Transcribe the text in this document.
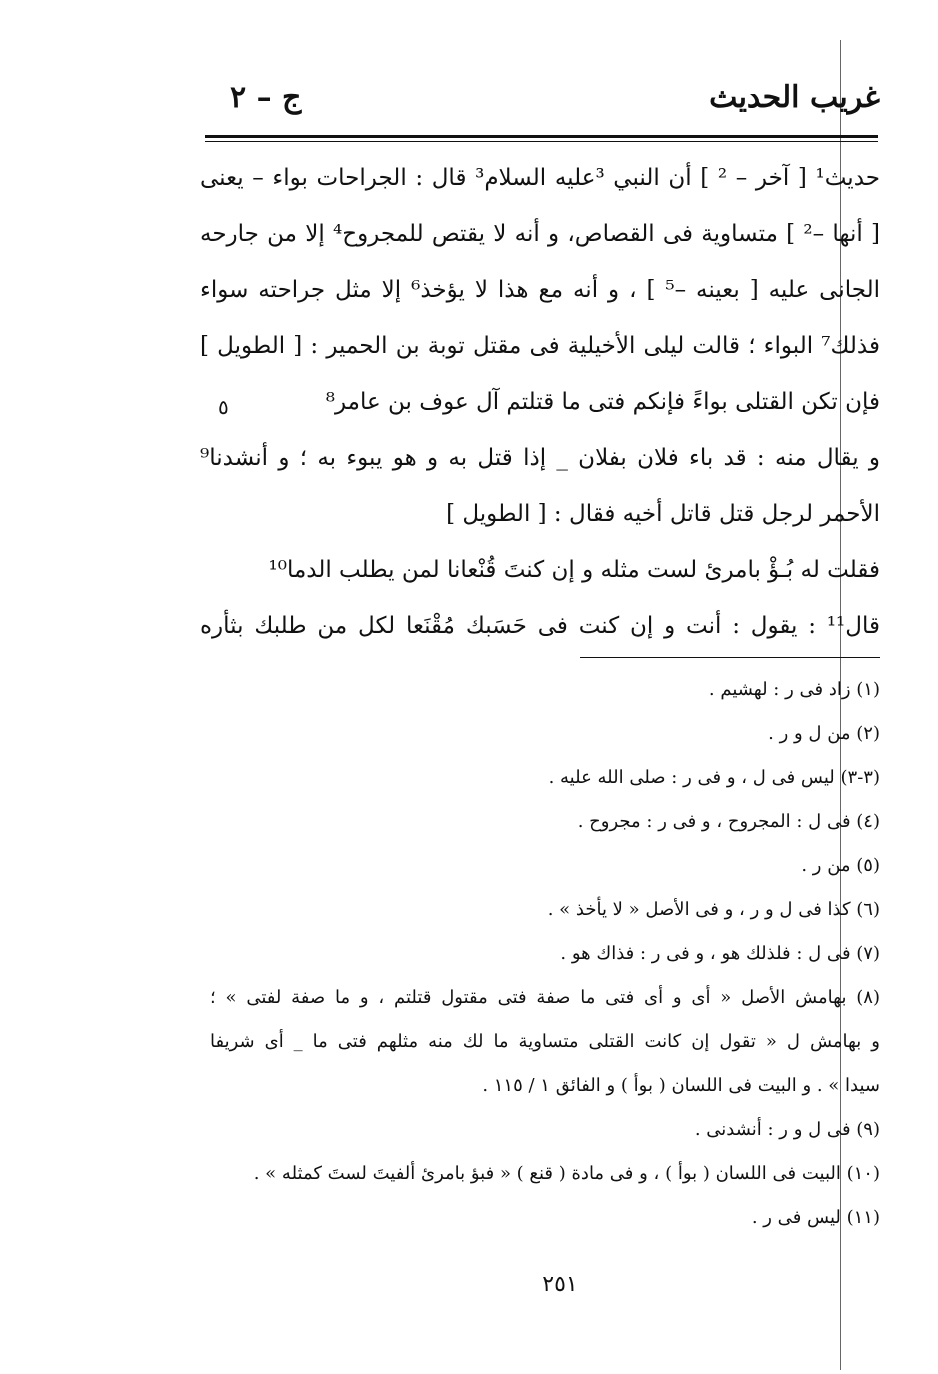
غريب الحديث
ج – ٢
حديث¹ [ آخر – ² ] أن النبي ³عليه السلام³ قال : الجراحات بواء – يعنى
[ أنها –² ] متساوية فى القصاص، و أنه لا يقتص للمجروح⁴ إلا من جارحه
الجانى عليه [ بعينه –⁵ ] ، و أنه مع هذا لا يؤخذ⁶ إلا مثل جراحته سواء
فذلك⁷ البواء ؛ قالت ليلى الأخيلية فى مقتل توبة بن الحمير : [ الطويل ]
فإن تكن القتلى بواءً فإنكم فتى ما قتلتم آل عوف بن عامر⁸
و يقال منه : قد باء فلان بفلان _ إذا قتل به و هو يبوء به ؛ و أنشدنا⁹
الأحمر لرجل قتل قاتل أخيه فقال : [ الطويل ]
فقلت له بُـؤْ بامرئ لست مثله و إن كنتَ قُنْعانا لمن يطلب الدما¹⁰
قال¹¹ : يقول : أنت و إن كنت فى حَسَبك مُقْنَعا لكل من طلبك بثأره
٥
(١) زاد فى ر : لهشيم .
(٢) من ل و ر .
(٣-٣) ليس فى ل ، و فى ر : صلى الله عليه .
(٤) فى ل : المجروح ، و فى ر : مجروح .
(٥) من ر .
(٦) كذا فى ل و ر ، و فى الأصل « لا يأخذ » .
(٧) فى ل : فلذلك هو ، و فى ر : فذاك هو .
(٨) بهامش الأصل « أى و أى فتى ما صفة فتى مقتول قتلتم ، و ما صفة لفتى » ؛
و بهامش ل « تقول إن كانت القتلى متساوية ما لك منه مثلهم فتى ما _ أى شريفا
سيدا » . و البيت فى اللسان ( بوأ ) و الفائق ١ / ١١٥ .
(٩) فى ل و ر : أنشدنى .
(١٠) البيت فى اللسان ( بوأ ) ، و فى مادة ( قنع ) « فبؤ بامرئ ألفيتَ لستَ كمثله » .
(١١) ليس فى ر .
٢٥١
